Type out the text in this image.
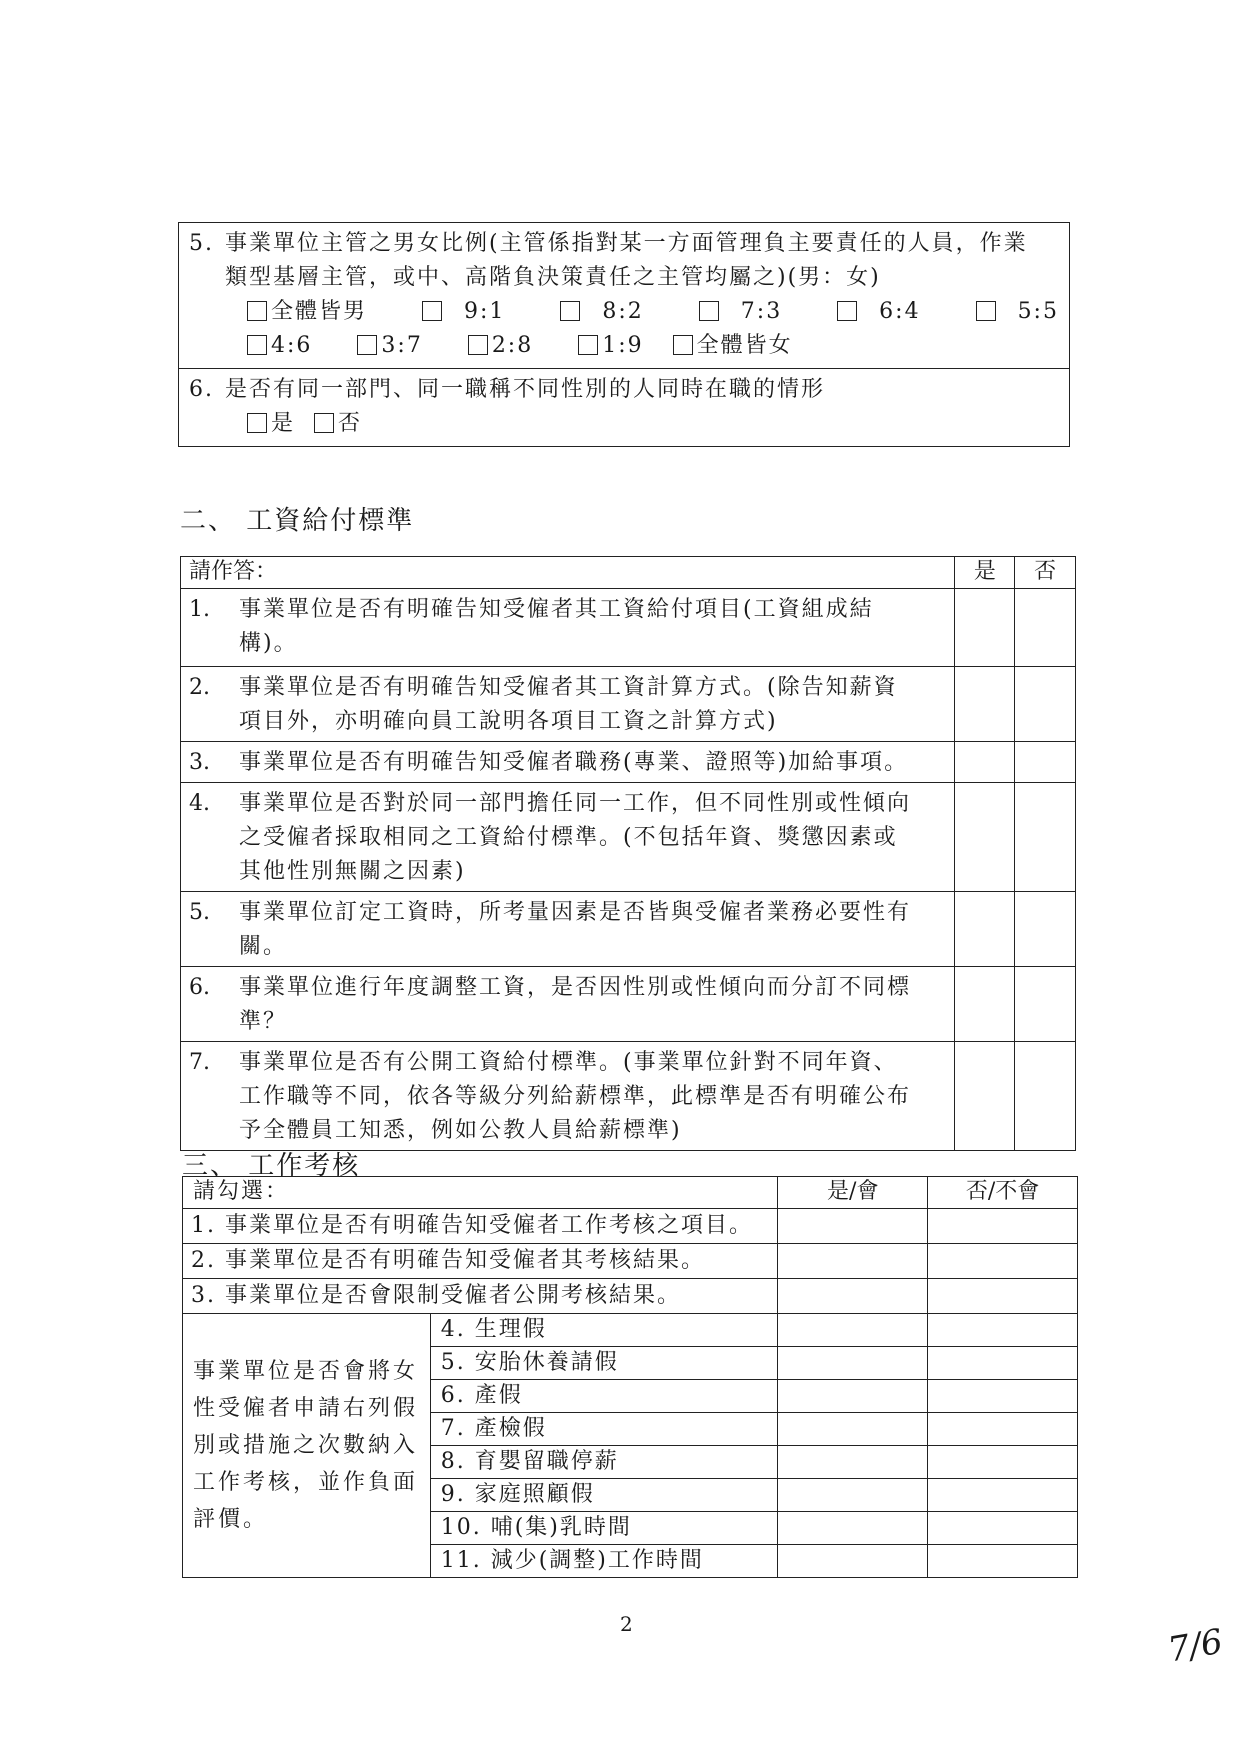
5. 事業單位主管之男女比例(主管係指對某一方面管理負主要責任的人員，作業
類型基層主管，或中、高階負決策責任之主管均屬之)(男：女)
全體皆男	9:1	8:2	7:3	6:4	5:5
4:6	3:7	2:8	1:9 全體皆女

6. 是否有同一部門、同一職稱不同性別的人同時在職的情形
是 否
二、 工資給付標準
請作答：	是	否
1. 事業單位是否有明確告知受僱者其工資給付項目(工資組成結
構)。		
2. 事業單位是否有明確告知受僱者其工資計算方式。(除告知薪資
項目外，亦明確向員工說明各項目工資之計算方式)		
3. 事業單位是否有明確告知受僱者職務(專業、證照等)加給事項。		
4. 事業單位是否對於同一部門擔任同一工作，但不同性別或性傾向
之受僱者採取相同之工資給付標準。(不包括年資、獎懲因素或
其他性別無關之因素)		
5. 事業單位訂定工資時，所考量因素是否皆與受僱者業務必要性有
關。		
6. 事業單位進行年度調整工資，是否因性別或性傾向而分訂不同標
準？		
7. 事業單位是否有公開工資給付標準。(事業單位針對不同年資、
工作職等不同，依各等級分列給薪標準，此標準是否有明確公布
予全體員工知悉，例如公教人員給薪標準)		
三、 工作考核
請勾選：		是/會	否/不會
1. 事業單位是否有明確告知受僱者工作考核之項目。			
2. 事業單位是否有明確告知受僱者其考核結果。			
3. 事業單位是否會限制受僱者公開考核結果。			
事業單位是否會將女
性受僱者申請右列假
別或措施之次數納入
工作考核，並作負面
評價。	4. 生理假		
	5. 安胎休養請假		
	6. 產假		
	7. 產檢假		
	8. 育嬰留職停薪		
	9. 家庭照顧假		
	10. 哺(集)乳時間		
	11. 減少(調整)工作時間		
2	7/6
